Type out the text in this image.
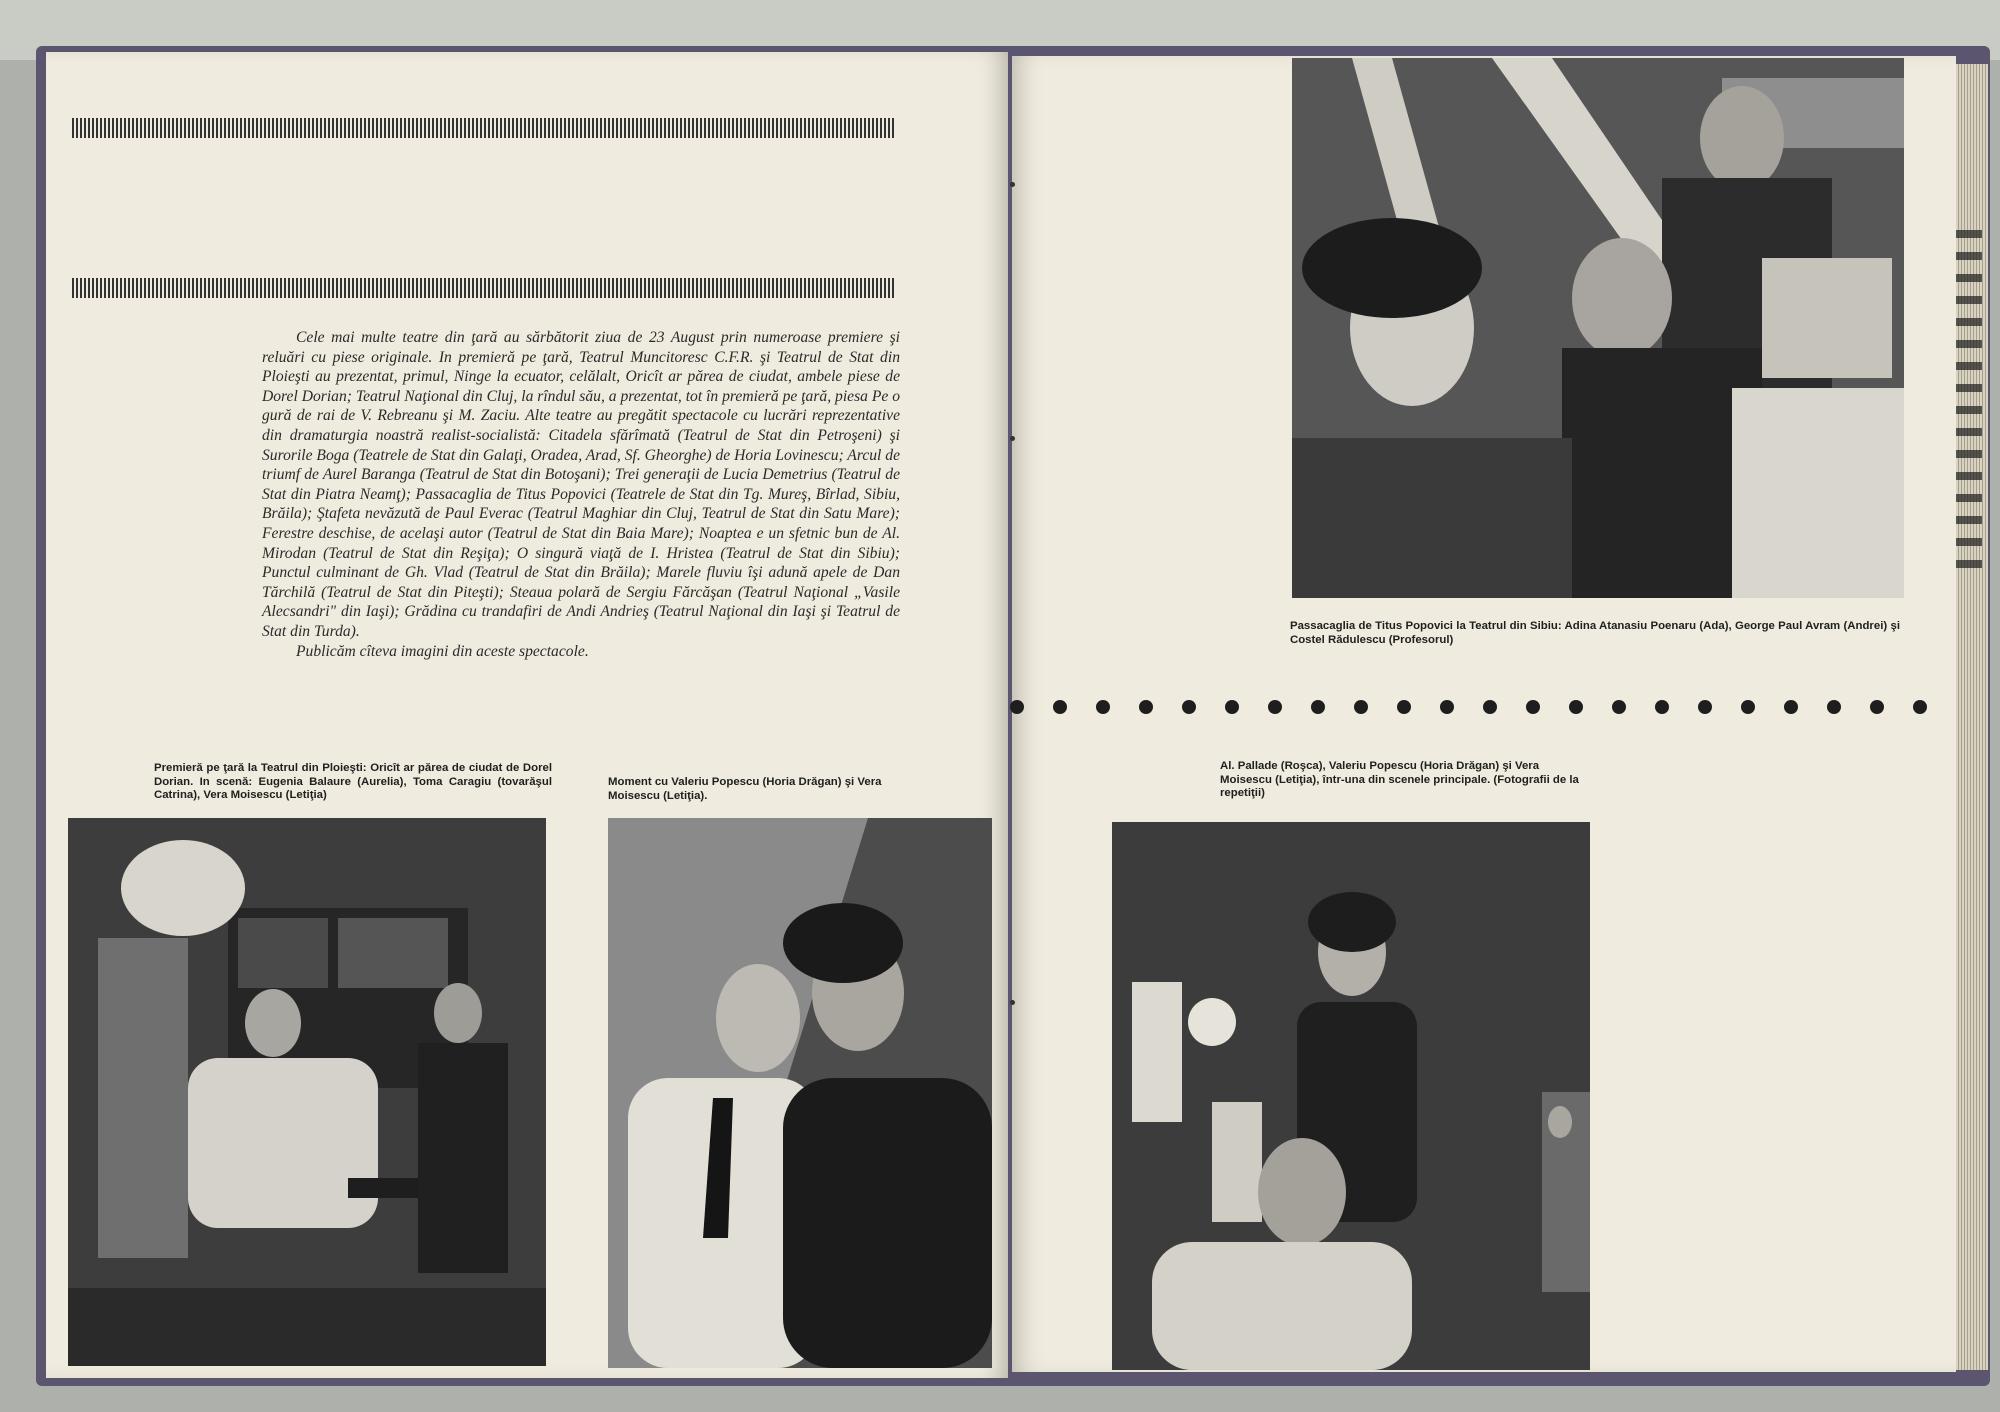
Cele mai multe teatre din ţară au sărbătorit ziua de 23 August prin numeroase premiere şi reluări cu piese originale. In premieră pe ţară, Teatrul Muncitoresc C.F.R. şi Teatrul de Stat din Ploieşti au prezentat, primul, Ninge la ecuator, celălalt, Oricît ar părea de ciudat, ambele piese de Dorel Dorian; Teatrul Naţional din Cluj, la rîndul său, a prezentat, tot în premieră pe ţară, piesa Pe o gură de rai de V. Rebreanu şi M. Zaciu. Alte teatre au pregătit spectacole cu lucrări reprezentative din dramaturgia noastră realist-socialistă: Citadela sfărîmată (Teatrul de Stat din Petroşeni) şi Surorile Boga (Teatrele de Stat din Galaţi, Oradea, Arad, Sf. Gheorghe) de Horia Lovinescu; Arcul de triumf de Aurel Baranga (Teatrul de Stat din Botoşani); Trei generaţii de Lucia Demetrius (Teatrul de Stat din Piatra Neamţ); Passacaglia de Titus Popovici (Teatrele de Stat din Tg. Mureş, Bîrlad, Sibiu, Brăila); Ştafeta nevăzută de Paul Everac (Teatrul Maghiar din Cluj, Teatrul de Stat din Satu Mare); Ferestre deschise, de acelaşi autor (Teatrul de Stat din Baia Mare); Noaptea e un sfetnic bun de Al. Mirodan (Teatrul de Stat din Reşiţa); O singură viaţă de I. Hristea (Teatrul de Stat din Sibiu); Punctul culminant de Gh. Vlad (Teatrul de Stat din Brăila); Marele fluviu îşi adună apele de Dan Tărchilă (Teatrul de Stat din Piteşti); Steaua polară de Sergiu Fărcăşan (Teatrul Naţional „Vasile Alecsandri" din Iaşi); Grădina cu trandafiri de Andi Andrieş (Teatrul Naţional din Iaşi şi Teatrul de Stat din Turda).

Publicăm cîteva imagini din aceste spectacole.

Premieră pe ţară la Teatrul din Ploieşti: Oricît ar părea de ciudat de Dorel Dorian. In scenă: Eugenia Balaure (Aurelia), Toma Caragiu (tovarăşul Catrina), Vera Moisescu (Letiţia)
Moment cu Valeriu Popescu (Horia Drăgan) şi Vera Moisescu (Letiţia).
Passacaglia de Titus Popovici la Teatrul din Sibiu: Adina Atanasiu Poenaru (Ada), George Paul Avram (Andrei) şi Costel Rădulescu (Profesorul)
Al. Pallade (Roşca), Valeriu Popescu (Horia Drăgan) şi Vera Moisescu (Letiţia), într-una din scenele principale. (Fotografii de la repetiţii)
